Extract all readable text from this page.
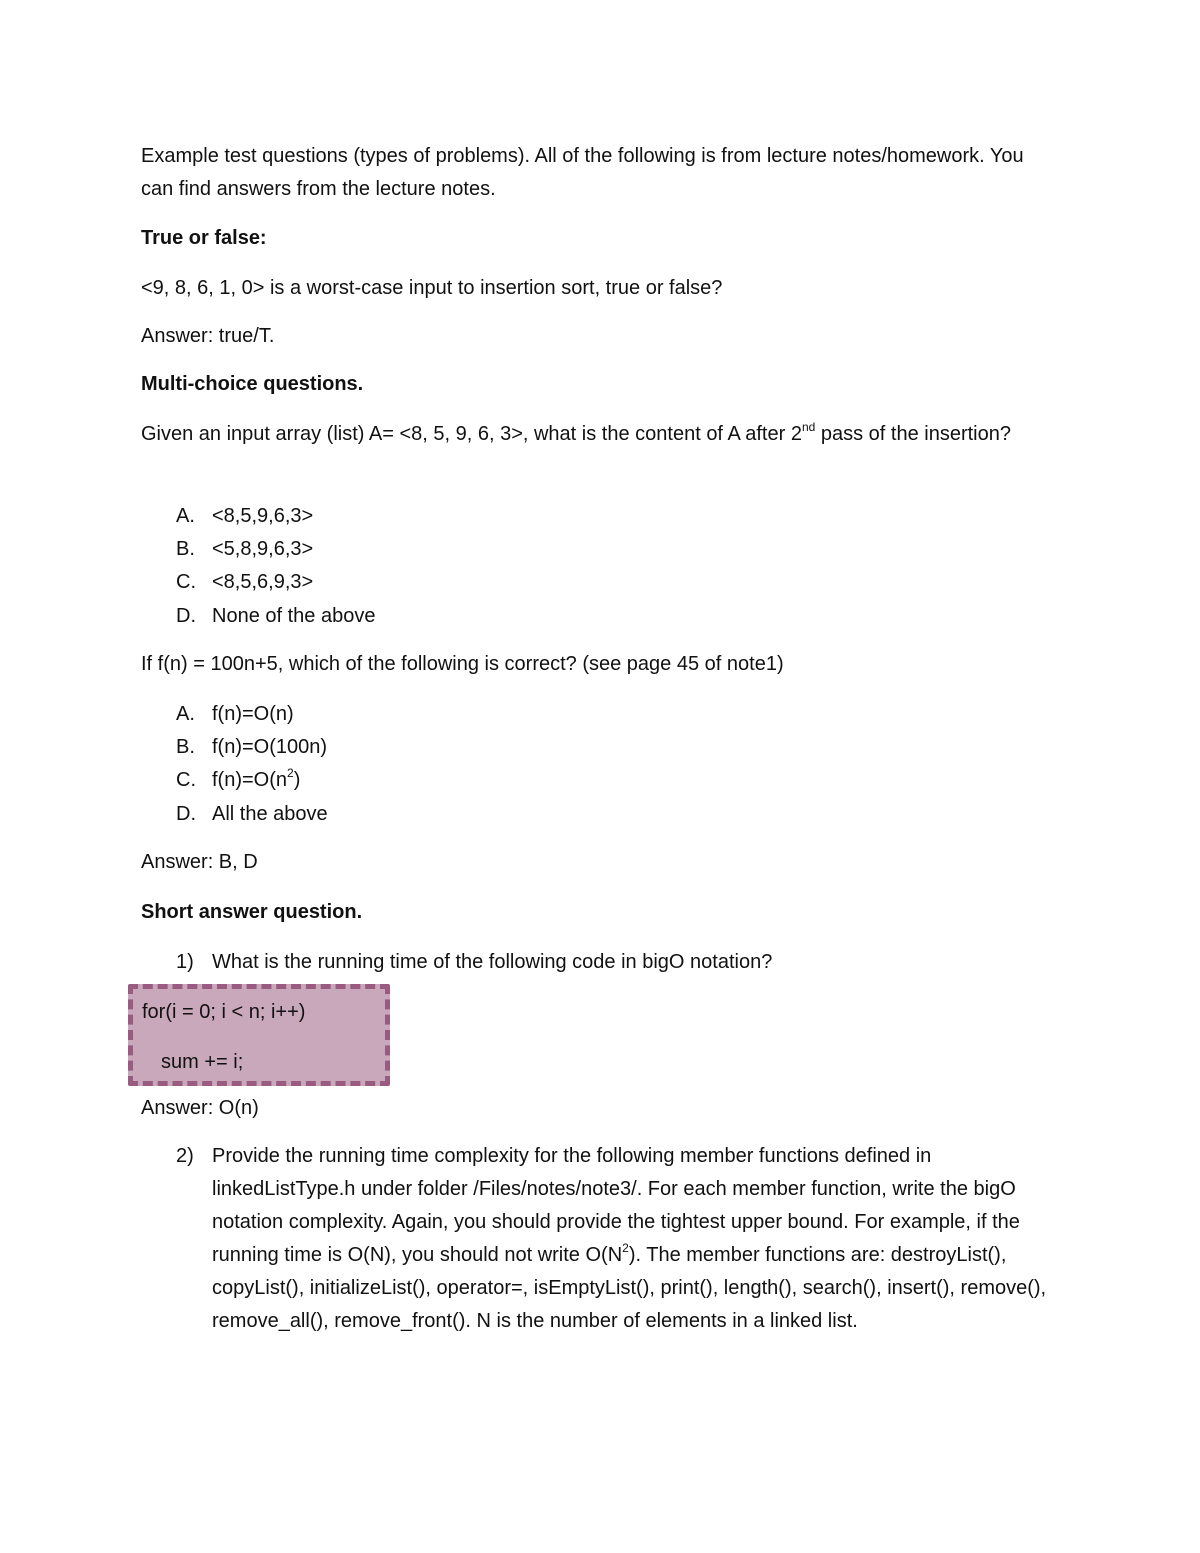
Example test questions (types of problems). All of the following is from lecture notes/homework. You can find answers from the lecture notes.

True or false:

<9, 8, 6, 1, 0> is a worst-case input to insertion sort, true or false?

Answer: true/T.

Multi-choice questions.

Given an input array (list) A= <8, 5, 9, 6, 3>, what is the content of A after 2nd pass of the insertion?

A. <8,5,9,6,3>
B. <5,8,9,6,3>
C. <8,5,6,9,3>
D. None of the above

If f(n) = 100n+5, which of the following is correct? (see page 45 of note1)

A. f(n)=O(n)
B. f(n)=O(100n)
C. $f(n)=O(n^2)$
D. All the above

Answer: B, D

Short answer question.

1) What is the running time of the following code in bigO notation?
for(i = 0; i < n; i++)
sum += i;

Answer: O(n)

2) Provide the running time complexity for the following member functions defined in linkedListType.h under folder /Files/notes/note3/. For each member function, write the bigO notation complexity. Again, you should provide the tightest upper bound. For example, if the running time is O(N), you should not write $O(N^2)$. The member functions are: destroyList(), copyList(), initializeList(), operator=, isEmptyList(), print(), length(), search(), insert(), remove(), remove_all(), remove_front(). N is the number of elements in a linked list.
